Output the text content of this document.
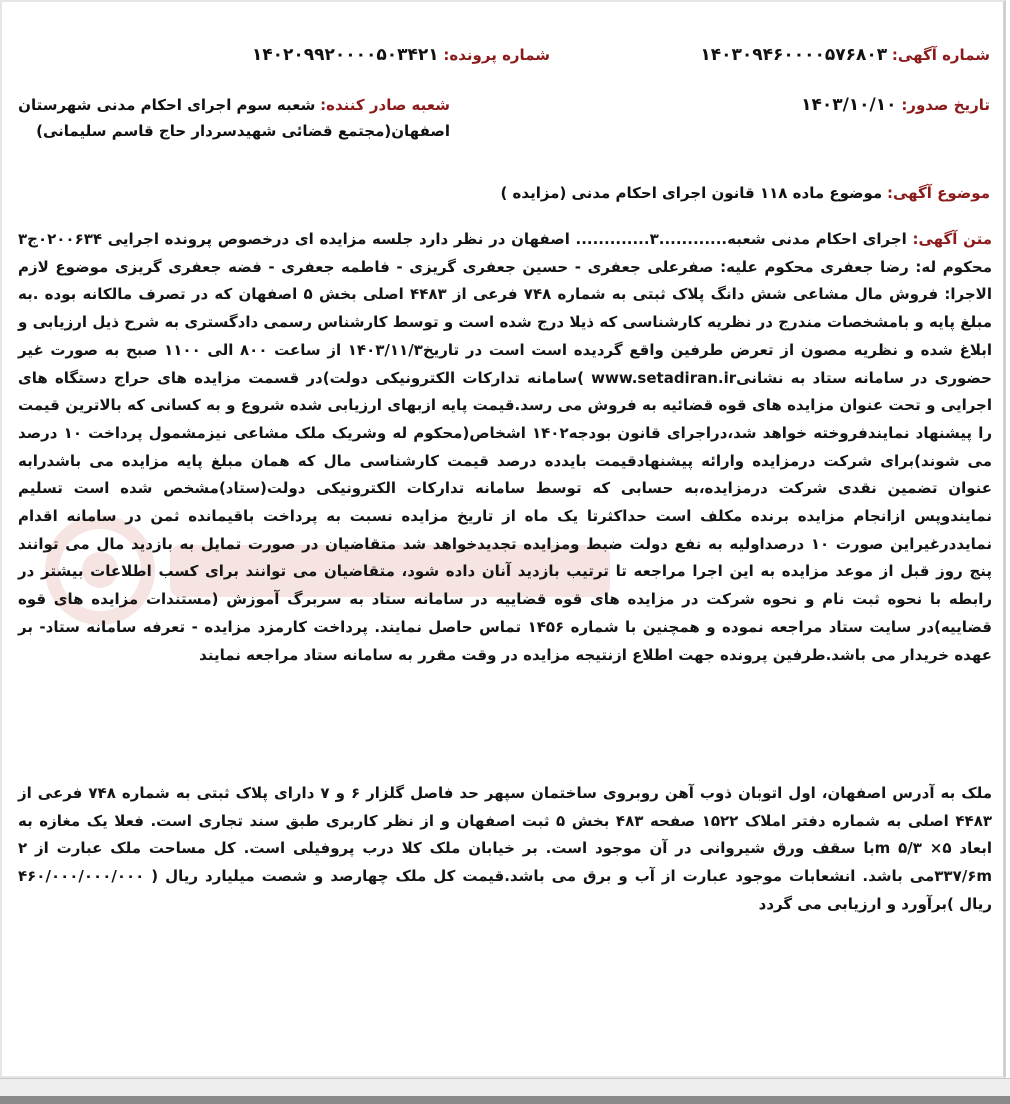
شماره آگهی: ۱۴۰۳۰۹۴۶۰۰۰۰۵۷۶۸۰۳
شماره پرونده: ۱۴۰۲۰۹۹۲۰۰۰۰۵۰۳۴۲۱
تاریخ صدور: ۱۴۰۳/۱۰/۱۰
شعبه صادر کننده: شعبه سوم اجرای احکام مدنی شهرستان اصفهان(مجتمع قضائی شهیدسردار حاج قاسم سلیمانی)
موضوع آگهی: موضوع ماده ۱۱۸ قانون اجرای احکام مدنی (مزایده )
متن آگهی: اجرای احکام مدنی شعبه............۳............. اصفهان در نظر دارد جلسه مزایده ای درخصوص پرونده اجرایی ۰۲۰۰۶۳۴ج۳ محکوم له: رضا جعفری محکوم علیه: صفرعلی جعفری - حسین جعفری گریزی - فاطمه جعفری - فضه جعفری گریزی موضوع لازم الاجرا: فروش مال مشاعی شش دانگ پلاک ثبتی به شماره ۷۴۸ فرعی از ۴۴۸۳ اصلی بخش ۵ اصفهان که در تصرف مالکانه بوده .به مبلغ پایه و بامشخصات مندرج در نظریه کارشناسی که ذیلا درج شده است و توسط کارشناس رسمی دادگستری به شرح ذیل ارزیابی و ابلاغ شده و نظریه مصون از تعرض طرفین واقع گردیده است است در تاریخ۱۴۰۳/۱۱/۳ از ساعت ۸۰۰ الی ۱۱۰۰ صبح به صورت غیر حضوری در سامانه ستاد به نشانیwww.setadiran.ir )سامانه تدارکات الکترونیکی دولت)در قسمت مزایده های حراج دستگاه های اجرایی و تحت عنوان مزایده های قوه قضائیه به فروش می رسد.قیمت پایه ازبهای ارزیابی شده شروع و به کسانی که بالاترین قیمت را پیشنهاد نمایندفروخته خواهد شد،دراجرای قانون بودجه۱۴۰۲ اشخاص(محکوم له وشریک ملک مشاعی نیزمشمول پرداخت ۱۰ درصد می شوند)برای شرکت درمزایده وارائه پیشنهادقیمت بایدده درصد قیمت کارشناسی مال که همان مبلغ پایه مزایده می باشدرابه عنوان تضمین نقدی شرکت درمزایده،به حسابی که توسط سامانه تدارکات الکترونیکی دولت(ستاد)مشخص شده است تسلیم نمایندوپس ازانجام مزایده برنده مکلف است حداکثرتا یک ماه از تاریخ مزایده نسبت به پرداخت باقیمانده ثمن در سامانه اقدام نمایددرغیراین صورت ۱۰ درصداولیه به نفع دولت ضبط ومزایده تجدیدخواهد شد متقاضیان در صورت تمایل به بازدید مال می توانند پنج روز قبل از موعد مزایده به این اجرا مراجعه تا ترتیب بازدید آنان داده شود، متقاضیان می توانند برای کسب اطلاعات بیشتر در رابطه با نحوه ثبت نام و نحوه شرکت در مزایده های قوه قضاییه در سامانه ستاد به سربرگ آموزش (مستندات مزایده های قوه قضاییه)در سایت ستاد مراجعه نموده و همچنین با شماره ۱۴۵۶ تماس حاصل نمایند. پرداخت کارمزد مزایده - تعرفه سامانه ستاد- بر عهده خریدار می باشد.طرفین پرونده جهت اطلاع ازنتیجه مزایده در وقت مقرر به سامانه ستاد مراجعه نمایند
ملک به آدرس اصفهان، اول اتوبان ذوب آهن روبروی ساختمان سپهر حد فاصل گلزار ۶ و ۷ دارای پلاک ثبتی به شماره ۷۴۸ فرعی از ۴۴۸۳ اصلی به شماره دفتر املاک ۱۵۲۲ صفحه ۴۸۳ بخش ۵ ثبت اصفهان و از نظر کاربری طبق سند تجاری است. فعلا یک مغازه به ابعاد ۵× ۵/۳ mبا سقف ورق شیروانی در آن موجود است. بر خیابان ملک کلا درب پروفیلی است. کل مساحت ملک عبارت از ۲ ۳۳۷/۶mمی باشد. انشعابات موجود عبارت از آب و برق می باشد.قیمت کل ملک چهارصد و شصت میلیارد ریال ( ۴۶۰/۰۰۰/۰۰۰/۰۰۰ ریال )برآورد و ارزیابی می گردد
